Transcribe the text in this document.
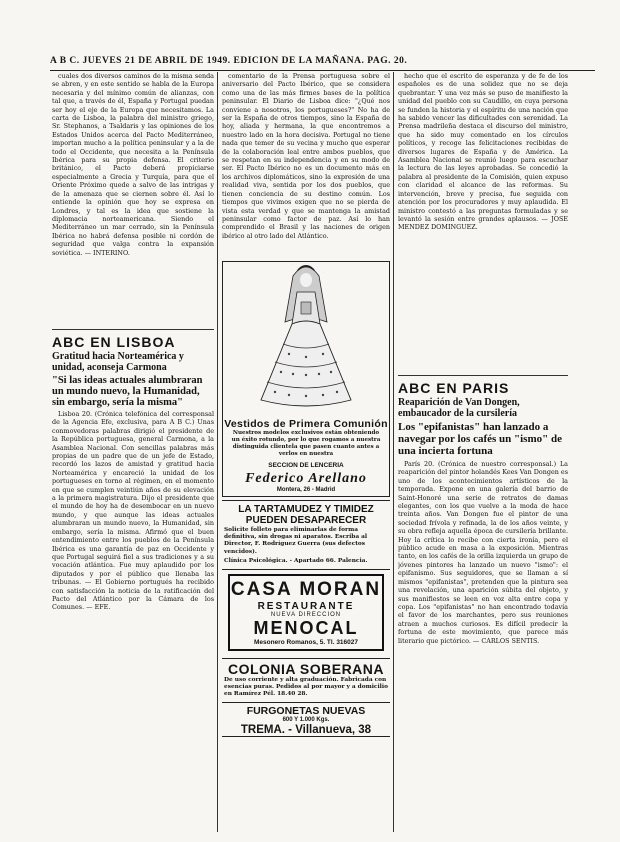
A B C. JUEVES 21 DE ABRIL DE 1949. EDICION DE LA MAÑANA. PAG. 20.

cuales dos diversos caminos de la misma senda se abren, y en este sentido se habla de la Europa necesaria y del mínimo común de alianzas, con tal que, a través de él, España y Portugal puedan ser hoy el eje de la Europa que necesitamos. La carta de Lisboa, la palabra del ministro griego, Sr. Stephanos, a Tsaldaris y las opiniones de los Estados Unidos acerca del Pacto Mediterráneo, importan mucho a la política peninsular y a la de todo el Occidente, que necesita a la Península Ibérica para su propia defensa. El criterio británico, el Pacto deberá propiciarse especialmente a Grecia y Turquía, para que el Oriente Próximo quede a salvo de las intrigas y de la amenaza que se ciernen sobre él. Así lo entiende la opinión que hoy se expresa en Londres, y tal es la idea que sostiene la diplomacia norteamericana. Siendo el Mediterráneo un mar cerrado, sin la Península Ibérica no habrá defensa posible ni cordón de seguridad que valga contra la expansión soviética. — INTERINO.

ABC EN LISBOA
Gratitud hacia Norteamérica y unidad, aconseja Carmona
"Si las ideas actuales alumbraran un mundo nuevo, la Humanidad, sin embargo, sería la misma"

Lisboa 20. (Crónica telefónica del corresponsal de la Agencia Efe, exclusiva, para A B C.) Unas conmovedoras palabras dirigió el presidente de la República portuguesa, general Carmona, a la Asamblea Nacional. Con sencillas palabras más propias de un padre que de un jefe de Estado, recordó los lazos de amistad y gratitud hacia Norteamérica y encareció la unidad de los portugueses en torno al régimen, en el momento en que se cumplen veintiún años de su elevación a la primera magistratura. Dijo el presidente que el mundo de hoy ha de desembocar en un nuevo mundo, y que aunque las ideas actuales alumbraran un mundo nuevo, la Humanidad, sin embargo, sería la misma. Afirmó que el buen entendimiento entre los pueblos de la Península Ibérica es una garantía de paz en Occidente y que Portugal seguirá fiel a sus tradiciones y a su vocación atlántica. Fue muy aplaudido por los diputados y por el público que llenaba las tribunas. — El Gobierno portugués ha recibido con satisfacción la noticia de la ratificación del Pacto del Atlántico por la Cámara de los Comunes. — EFE.

comentario de la Prensa portuguesa sobre el aniversario del Pacto Ibérico, que se considera como una de las más firmes bases de la política peninsular. El Diario de Lisboa dice: "¿Qué nos conviene a nosotros, los portugueses?" No ha de ser la España de otros tiempos, sino la España de hoy, aliada y hermana, la que encontremos a nuestro lado en la hora decisiva. Portugal no tiene nada que temer de su vecina y mucho que esperar de la colaboración leal entre ambos pueblos, que se respetan en su independencia y en su modo de ser. El Pacto Ibérico no es un documento más en los archivos diplomáticos, sino la expresión de una realidad viva, sentida por los dos pueblos, que tienen conciencia de su destino común. Los tiempos que vivimos exigen que no se pierda de vista esta verdad y que se mantenga la amistad peninsular como factor de paz. Así lo han comprendido el Brasil y las naciones de origen ibérico al otro lado del Atlántico.

Vestidos de Primera Comunión
Nuestros modelos exclusivos están obteniendo un éxito rotundo, por lo que rogamos a nuestra distinguida clientela que pasen cuanto antes a verlos en nuestra
SECCION DE LENCERIA
Federico Arellano
Montera, 26 - Madrid
LA TARTAMUDEZ Y TIMIDEZ PUEDEN DESAPARECER
Solicite folleto para eliminarlas de forma definitiva, sin drogas ni aparatos. Escriba al Director, F. Rodríguez Guerra (sus defectos vencidos).
Clínica Psicológica. - Apartado 66. Palencia.
CASA MORAN
RESTAURANTE
NUEVA DIRECCION
MENOCAL
Mesonero Romanos, 5. Tl. 316027
COLONIA SOBERANA
De uso corriente y alta graduación. Fabricada con esencias puras. Pedidos al por mayor y a domicilio en Ramírez Pél. 18.40 28.
FURGONETAS NUEVAS
600 Y 1.000 Kgs.
TREMA. - Villanueva, 38

hecho que el escrito de esperanza y de fe de los españoles es de una solidez que no se deja quebrantar. Y una vez más se puso de manifiesto la unidad del pueblo con su Caudillo, en cuya persona se funden la historia y el espíritu de una nación que ha sabido vencer las dificultades con serenidad. La Prensa madrileña destaca el discurso del ministro, que ha sido muy comentado en los círculos políticos, y recoge las felicitaciones recibidas de diversos lugares de España y de América. La Asamblea Nacional se reunió luego para escuchar la lectura de las leyes aprobadas. Se concedió la palabra al presidente de la Comisión, quien expuso con claridad el alcance de las reformas. Su intervención, breve y precisa, fue seguida con atención por los procuradores y muy aplaudida. El ministro contestó a las preguntas formuladas y se levantó la sesión entre grandes aplausos. — JOSE MENDEZ DOMINGUEZ.

ABC EN PARIS
Reaparición de Van Dongen, embaucador de la cursilería
Los "epifanistas" han lanzado a navegar por los cafés un "ismo" de una incierta fortuna

París 20. (Crónica de nuestro corresponsal.) La reaparición del pintor holandés Kees Van Dongen es uno de los acontecimientos artísticos de la temporada. Expone en una galería del barrio de Saint-Honoré una serie de retratos de damas elegantes, con los que vuelve a la moda de hace treinta años. Van Dongen fue el pintor de una sociedad frívola y refinada, la de los años veinte, y su obra refleja aquella época de cursilería brillante. Hoy la crítica lo recibe con cierta ironía, pero el público acude en masa a la exposición. Mientras tanto, en los cafés de la orilla izquierda un grupo de jóvenes pintores ha lanzado un nuevo "ismo": el epifanismo. Sus seguidores, que se llaman a sí mismos "epifanistas", pretenden que la pintura sea una revelación, una aparición súbita del objeto, y sus manifiestos se leen en voz alta entre copa y copa. Los "epifanistas" no han encontrado todavía el favor de los marchantes, pero sus reuniones atraen a muchos curiosos. Es difícil predecir la fortuna de este movimiento, que parece más literario que pictórico. — CARLOS SENTIS.
